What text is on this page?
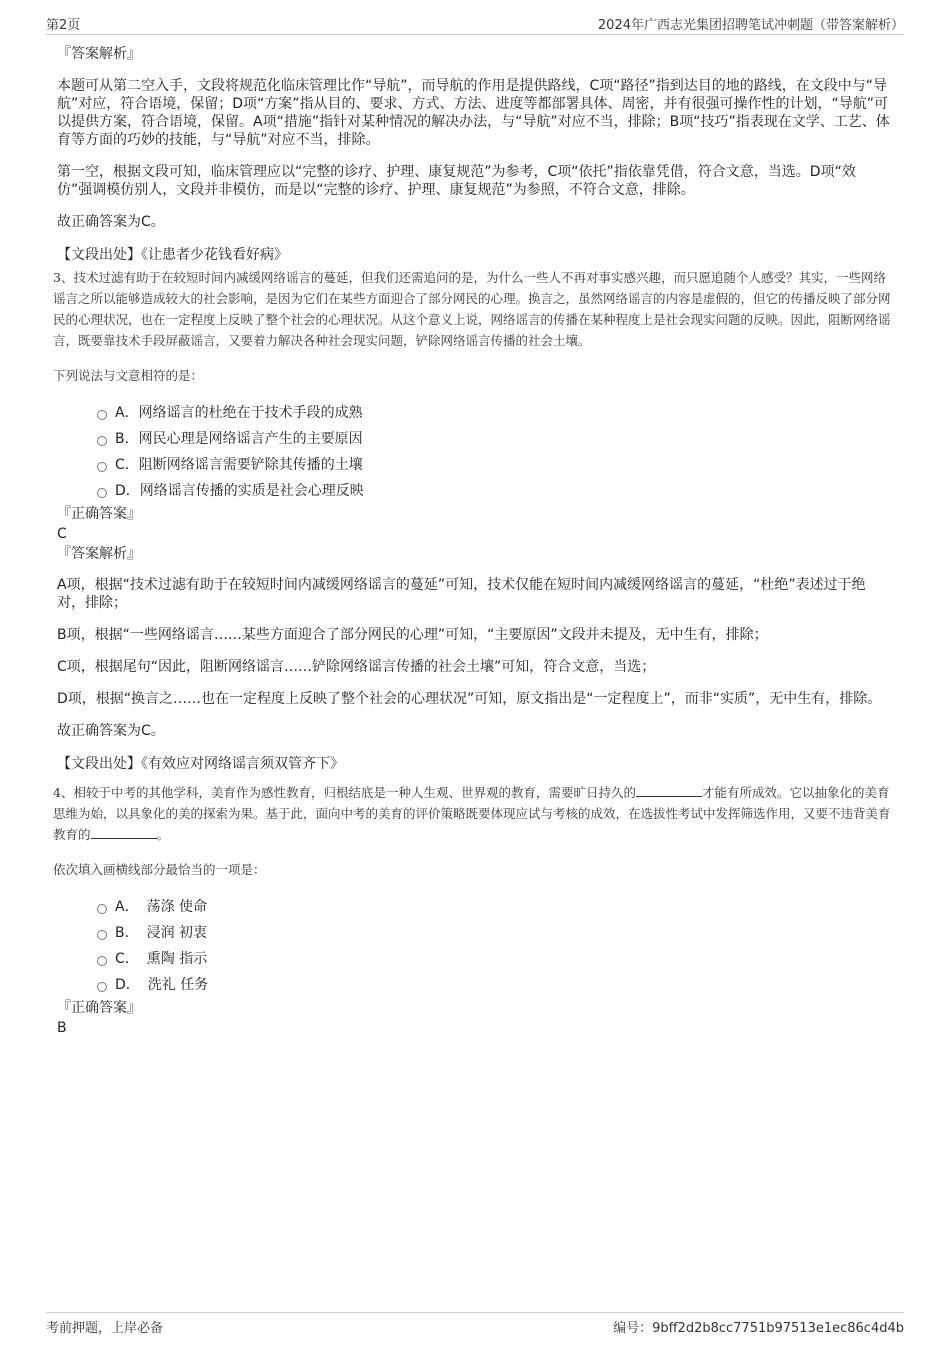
第2页	2024年广西志光集团招聘笔试冲刺题（带答案解析）

『答案解析』

本题可从第二空入手，文段将规范化临床管理比作“导航”，而导航的作用是提供路线，C项“路径”指到达目的地的路线，在文段中与“导航”对应，符合语境，保留；D项“方案”指从目的、要求、方式、方法、进度等都部署具体、周密，并有很强可操作性的计划，“导航”可以提供方案，符合语境，保留。A项“措施”指针对某种情况的解决办法，与“导航”对应不当，排除；B项“技巧”指表现在文学、工艺、体育等方面的巧妙的技能，与“导航”对应不当，排除。

第一空，根据文段可知，临床管理应以“完整的诊疗、护理、康复规范”为参考，C项“依托”指依靠凭借，符合文意，当选。D项“效仿”强调模仿别人，文段并非模仿，而是以“完整的诊疗、护理、康复规范”为参照，不符合文意，排除。

故正确答案为C。

【文段出处】《让患者少花钱看好病》

3、技术过滤有助于在较短时间内减缓网络谣言的蔓延，但我们还需追问的是，为什么一些人不再对事实感兴趣，而只愿追随个人感受？其实，一些网络谣言之所以能够造成较大的社会影响，是因为它们在某些方面迎合了部分网民的心理。换言之，虽然网络谣言的内容是虚假的，但它的传播反映了部分网民的心理状况，也在一定程度上反映了整个社会的心理状况。从这个意义上说，网络谣言的传播在某种程度上是社会现实问题的反映。因此，阻断网络谣言，既要靠技术手段屏蔽谣言，又要着力解决各种社会现实问题，铲除网络谣言传播的社会土壤。

下列说法与文意相符的是：

A．网络谣言的杜绝在于技术手段的成熟
B．网民心理是网络谣言产生的主要原因
C．阻断网络谣言需要铲除其传播的土壤
D．网络谣言传播的实质是社会心理反映

『正确答案』

C

『答案解析』

A项，根据“技术过滤有助于在较短时间内减缓网络谣言的蔓延”可知，技术仅能在短时间内减缓网络谣言的蔓延，“杜绝”表述过于绝对，排除；

B项，根据“一些网络谣言……某些方面迎合了部分网民的心理”可知，“主要原因”文段并未提及，无中生有，排除；

C项，根据尾句“因此，阻断网络谣言……铲除网络谣言传播的社会土壤”可知，符合文意，当选；

D项，根据“换言之……也在一定程度上反映了整个社会的心理状况”可知，原文指出是“一定程度上”，而非“实质”，无中生有，排除。

故正确答案为C。

【文段出处】《有效应对网络谣言须双管齐下》

4、相较于中考的其他学科，美育作为感性教育，归根结底是一种人生观、世界观的教育，需要旷日持久的	才能有所成效。它以抽象化的美育思维为始，以具象化的美的探索为果。基于此，面向中考的美育的评价策略既要体现应试与考核的成效，在选拔性考试中发挥筛选作用，又要不违背美育教育的	。

依次填入画横线部分最恰当的一项是：

A． 荡涤 使命
B． 浸润 初衷
C． 熏陶 指示
D． 洗礼 任务

『正确答案』

B

考前押题，上岸必备	编号：9bff2d2b8cc7751b97513e1ec86c4d4b
